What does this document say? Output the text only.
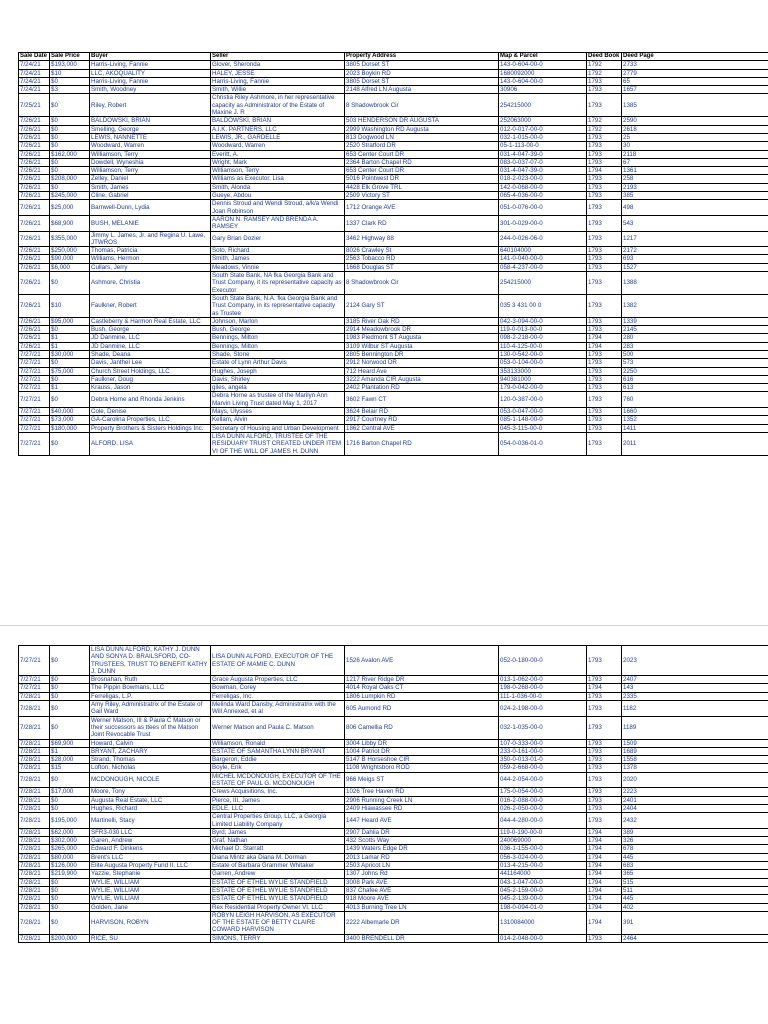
Sale Date	Sale Price	Buyer	Seller	Property Address	Map & Parcel	Deed Book	Deed Page
7/24/21	$193,000	Harris-Living, Fannie	Glover, Sheronda	3805 Dorset ST	143-0-604-00-0	1792	2733
7/24/21	$10	LLC, AKOQUALITY	HALEY, JESSE	2023 Boykin RD	1680092000	1792	2779
7/24/21	$0	Harris-Living, Fannie	Harris-Living, Fannie	3805 Dorset ST	143-0-604-00-0	1793	65
7/24/21	$3	Smith, Woodney	Smith, Willie	2148 Alfred LN Augusta	30906	1793	1657
7/25/21	$0	Riley, Robert	Christia Riley Ashmore, in her representative capacity as Administrator of the Estate of Maxine J. R	8 Shadowbrook Cir	254215000	1793	1385
7/26/21	$0	BALDOWSKI, BRIAN	BALDOWSKI, BRIAN	503 HENDERSON DR AUGUSTA	252063000	1792	2590
7/26/21	$0	Smelling, George	A.I.K. PARTNERS, LLC	2999 Washington RD Augusta	012-0-017-00-0	1792	2618
7/26/21	$0	LEWIS, NANNETTE	LEWIS, JR., GARDELLE	813 Dogwood LN	032-1-015-00-0	1793	25
7/26/21	$0	Woodward, Warren	Woodward, Warren	2520 Stratford DR	05-1-113-00-0	1793	30
7/26/21	$162,000	Williamson, Terry	Everitt, A.	653 Center Court DR	031-4-047-39-0	1793	2118
7/26/21	$0	Dowdell, Wyneshia	Wright, Mark	2364 Barton Chapel RD	083-0-037-07-0	1793	67
7/26/21	$0	Williamson, Terry	Williamson, Terry	653 Center Court DR	031-4-047-39-0	1794	1361
7/26/21	$208,000	Zelley, Daniel	Williams as Executor, Lisa	5016 Pointwest DR	018-2-023-00-0	1793	258
7/26/21	$0	Smith, James	Smith, Alonda	4428 Elk Grove TRL	142-0-068-00-0	1793	2193
7/26/21	$245,000	Cline, Gabriel	Gueye, Abdou	2509 Victory ST	065-4-036-00-0	1793	385
7/26/21	$25,000	Barnwell-Dunn, Lydia	Dennis Stroud and Wendi Stroud, a/k/a Wendi Joan Robinson	1712 Orange AVE	051-0-076-00-0	1793	498
7/26/21	$68,900	BUSH, MELANIE	AARON N. RAMSEY AND BRENDA A. RAMSEY	1337 Clark RD	301-0-029-00-0	1793	543
7/26/21	$355,000	Jimmy L. James, Jr. and Regina U. Lawe, JTWROS	Gary Brian Dozier	3462 Highway 88	244-0-026-06-0	1793	1217
7/26/21	$250,000	Thomas, Patricia	Soto, Richard	8026 Crawley St	640104000	1793	2172
7/26/21	$90,000	Williams, Hermon	Smith, James	2563 Tobacco RD	141-0-040-00-0	1793	693
7/26/21	$6,000	Cullars, Jerry	Meadows, Vinnie	1668 Douglas ST	058-4-237-00-0	1793	1527
7/26/21	$0	Ashmore, Christia	South State Bank, NA fka Georgia Bank and Trust Company, it its representative capacity as Executor	8 Shadowbrook Cir	254215000	1793	1388
7/26/21	$10	Faulkner, Robert	South State Bank, N.A. fka Georgia Bank and Trust Company, in its representative capacity as Trustee	2124 Gary ST	035 3 431 00 0	1793	1382
7/26/21	$95,000	Castleberry & Harmon Real Estate, LLC	Johnson, Marlon	3185 River Oak RD	042-3-094-00-0	1793	1339
7/26/21	$0	Bush, George	Bush, George	2914 Meadowbrook DR	119-0-013-00-0	1793	2145
7/26/21	$1	JD Danmine, LLC	Bennings, Milton	1983 Piedmont ST Augusta	098-2-218-00-0	1794	280
7/26/21	$1	JD Danmine, LLC	Bennings, Milton	3109 Wilbur ST Augusta	110-4-125-00-0	1794	283
7/27/21	$30,000	Shade, Deana	Shade, Stone	2805 Bennington DR	130-0-542-00-0	1793	500
7/27/21	$0	Davis, Janthel Lee	Estate of Lynn Arthur Davis	2912 Norwood DR	053-0-104-00-0	1793	573
7/27/21	$75,000	Church Street Holdings, LLC	Hughes, Joseph	712 Heard Ave	353133000	1793	2250
7/27/21	$0	Faulkner, Doug	Davis, Shirley	3222 Amanda CIR Augusta	940381000	1793	616
7/27/21	$1	Krauss, Jason	giles, angela	2402 Plantation RD	179-0-042-00-0	1793	613
7/27/21	$0	Debra Horne and Rhonda Jenkins	Debra Horne as trustee of the Marilyn Ann Marvin Living Trust dated May 1, 2017	3602 Fawn CT	120-0-387-00-0	1793	760
7/27/21	$40,000	Cole, Denise	Mays, Ulysses	3624 Belair RD	053-0-047-00-0	1793	1660
7/27/21	$73,000	GA-Carolina Properties, LLC	Kellam, Alvin	2917 Courtney RD	085-1-148-00-0	1793	1352
7/27/21	$180,000	Property Brothers & Sisters Holdings Inc.	Secretary of Housing and Urban Development	1862 Central AVE	045-3-115-00-0	1793	1411
7/27/21	$0	ALFORD, LISA	LISA DUNN ALFORD, TRUSTEE OF THE RESIDUARY TRUST CREATED UNDER ITEM VI OF THE WILL OF JAMES H. DUNN	1716 Barton Chapel RD	054-0-036-01-0	1793	2011
7/27/21	$0	LISA DUNN ALFORD, KATHY J. DUNN AND SONYA D. BRAILSFORD, CO-TRUSTEES, TRUST TO BENEFIT KATHY J. DUNN	LISA DUNN ALFORD, EXECUTOR OF THE ESTATE OF MAMIE C. DUNN	1526 Avalon AVE	052-0-180-00-0	1793	2023
7/27/21	$0	Brosnahan, Ruth	Grace Augusta Properties, LLC	1217 River Ridge DR	013-1-062-00-0	1793	2407
7/27/21	$0	The Pippin Bowmans, LLC	Bowman, Corey	4014 Royal Oaks CT	198-0-268-00-0	1794	143
7/28/21	$0	Ferreligas, L.P.	Ferreligas, Inc.	1806 Lumpkin RD	111-1-036-00-0	1793	2335
7/28/21	$0	Amy Riley, Administratrix of the Estate of Gail Ward	Melinda Ward Dansby, Administratrix with the Will Annexed, et al	605 Aumond RD	024-2-198-00-0	1793	1182
7/28/21	$0	Werner Matson, III & Paula C Matson or their successors as ttees of the Matson Joint Revocable Trust	Werner Matson and Paula C. Matson	806 Camellia RD	032-1-035-00-0	1793	1189
7/28/21	$69,900	Howard, Calvin	Williamson, Ronald	3004 Libby DR	107-0-333-00-0	1793	1509
7/28/21	$1	BRYANT, ZACHARY	ESTATE OF SAMANTHA LYNN BRYANT	1004 Patriot DR	233-0-161-00-0	1793	1689
7/28/21	$28,000	Strand, Thomas	Bargeron, Eddie	5147 B Horseshoe CIR	350-0-013-01-0	1793	1558
7/28/21	$15	Lofton, Nicholas	Boyle, Erik	1108 Wrightsboro ROD	059-2-668-00-0	1793	1378
7/28/21	$0	MCDONOUGH, NICOLE	MICHEL MCDONOUGH, EXECUTOR OF THE ESTATE OF PAUL G. MCDONOUGH	966 Meigs ST	044-2-054-00-0	1793	2020
7/28/21	$17,000	Moore, Tony	Crews Acquisitions, Inc.	1026 Tree Haven RD	175-0-054-00-0	1793	2223
7/28/21	$0	Augusta Real Estate, LLC	Pierce, III, James	2906 Running Creek LN	016-2-088-00-0	1793	2401
7/28/21	$0	Hughes, Richard	EDLE, LLC	2409 Hiawassee RD	026-2-050-00-0	1793	2404
7/28/21	$195,000	Martinelli, Stacy	Central Properties Group, LLC, a Georgia Limited Liability Company	1447 Heard AVE	044-4-280-00-0	1793	2432
7/28/21	$62,000	SFR3-030 LLC	Byrd, James	2907 Dahlia DR	119-0-190-00-0	1794	389
7/28/21	$302,000	Garen, Andrew	Graf, Nathan	432 Scotts Way	240069000	1794	326
7/28/21	$265,000	Edward F. Dinkens	Michael D. Starratt	1439 Waters Edge DR	036-1-155-00-0	1794	678
7/28/21	$80,000	Brent's LLC	Diana Mintz aka Diana M. Dorman	2013 Lamar RD	056-3-024-00-0	1794	445
7/28/21	$126,000	Elite Augusta Property Fund II, LLC	Estate of Barbara Grammer Whitaker	2503 Apricot LN	013-4-215-00-0	1794	683
7/28/21	$219,900	Yazzie, Stephanie	Garren, Andrew	1307 Johns Rd	441164000	1794	365
7/28/21	$0	WYLIE, WILLIAM	ESTATE OF ETHEL WYLIE STANDFIELD	3008 Park AVE	043-1-047-00-0	1794	515
7/28/21	$0	WYLIE, WILLIAM	ESTATE OF ETHEL WYLIE STANDFIELD	837 Chafee AVE	045-2-159-00-0	1794	511
7/28/21	$0	WYLIE, WILLIAM	ESTATE OF ETHEL WYLIE STANDFIELD	918 Moore AVE	045-2-139-00-0	1794	445
7/28/21	$0	Golden, Jane	Rex Residential Property Owner VI, LLC	4013 Burning Tree LN	198-0-094-01-0	1794	402
7/28/21	$0	HARVISON, ROBYN	ROBYN LEIGH HARVISON, AS EXECUTOR OF THE ESTATE OF BETTY CLAIRE COWARD HARVISON	2222 Albemarle DR	1310084000	1794	391
7/28/21	$200,000	RICE, SU	SIMONS, TERRY	3400 BRENDELL DR	014-2-048-00-0	1793	2464
